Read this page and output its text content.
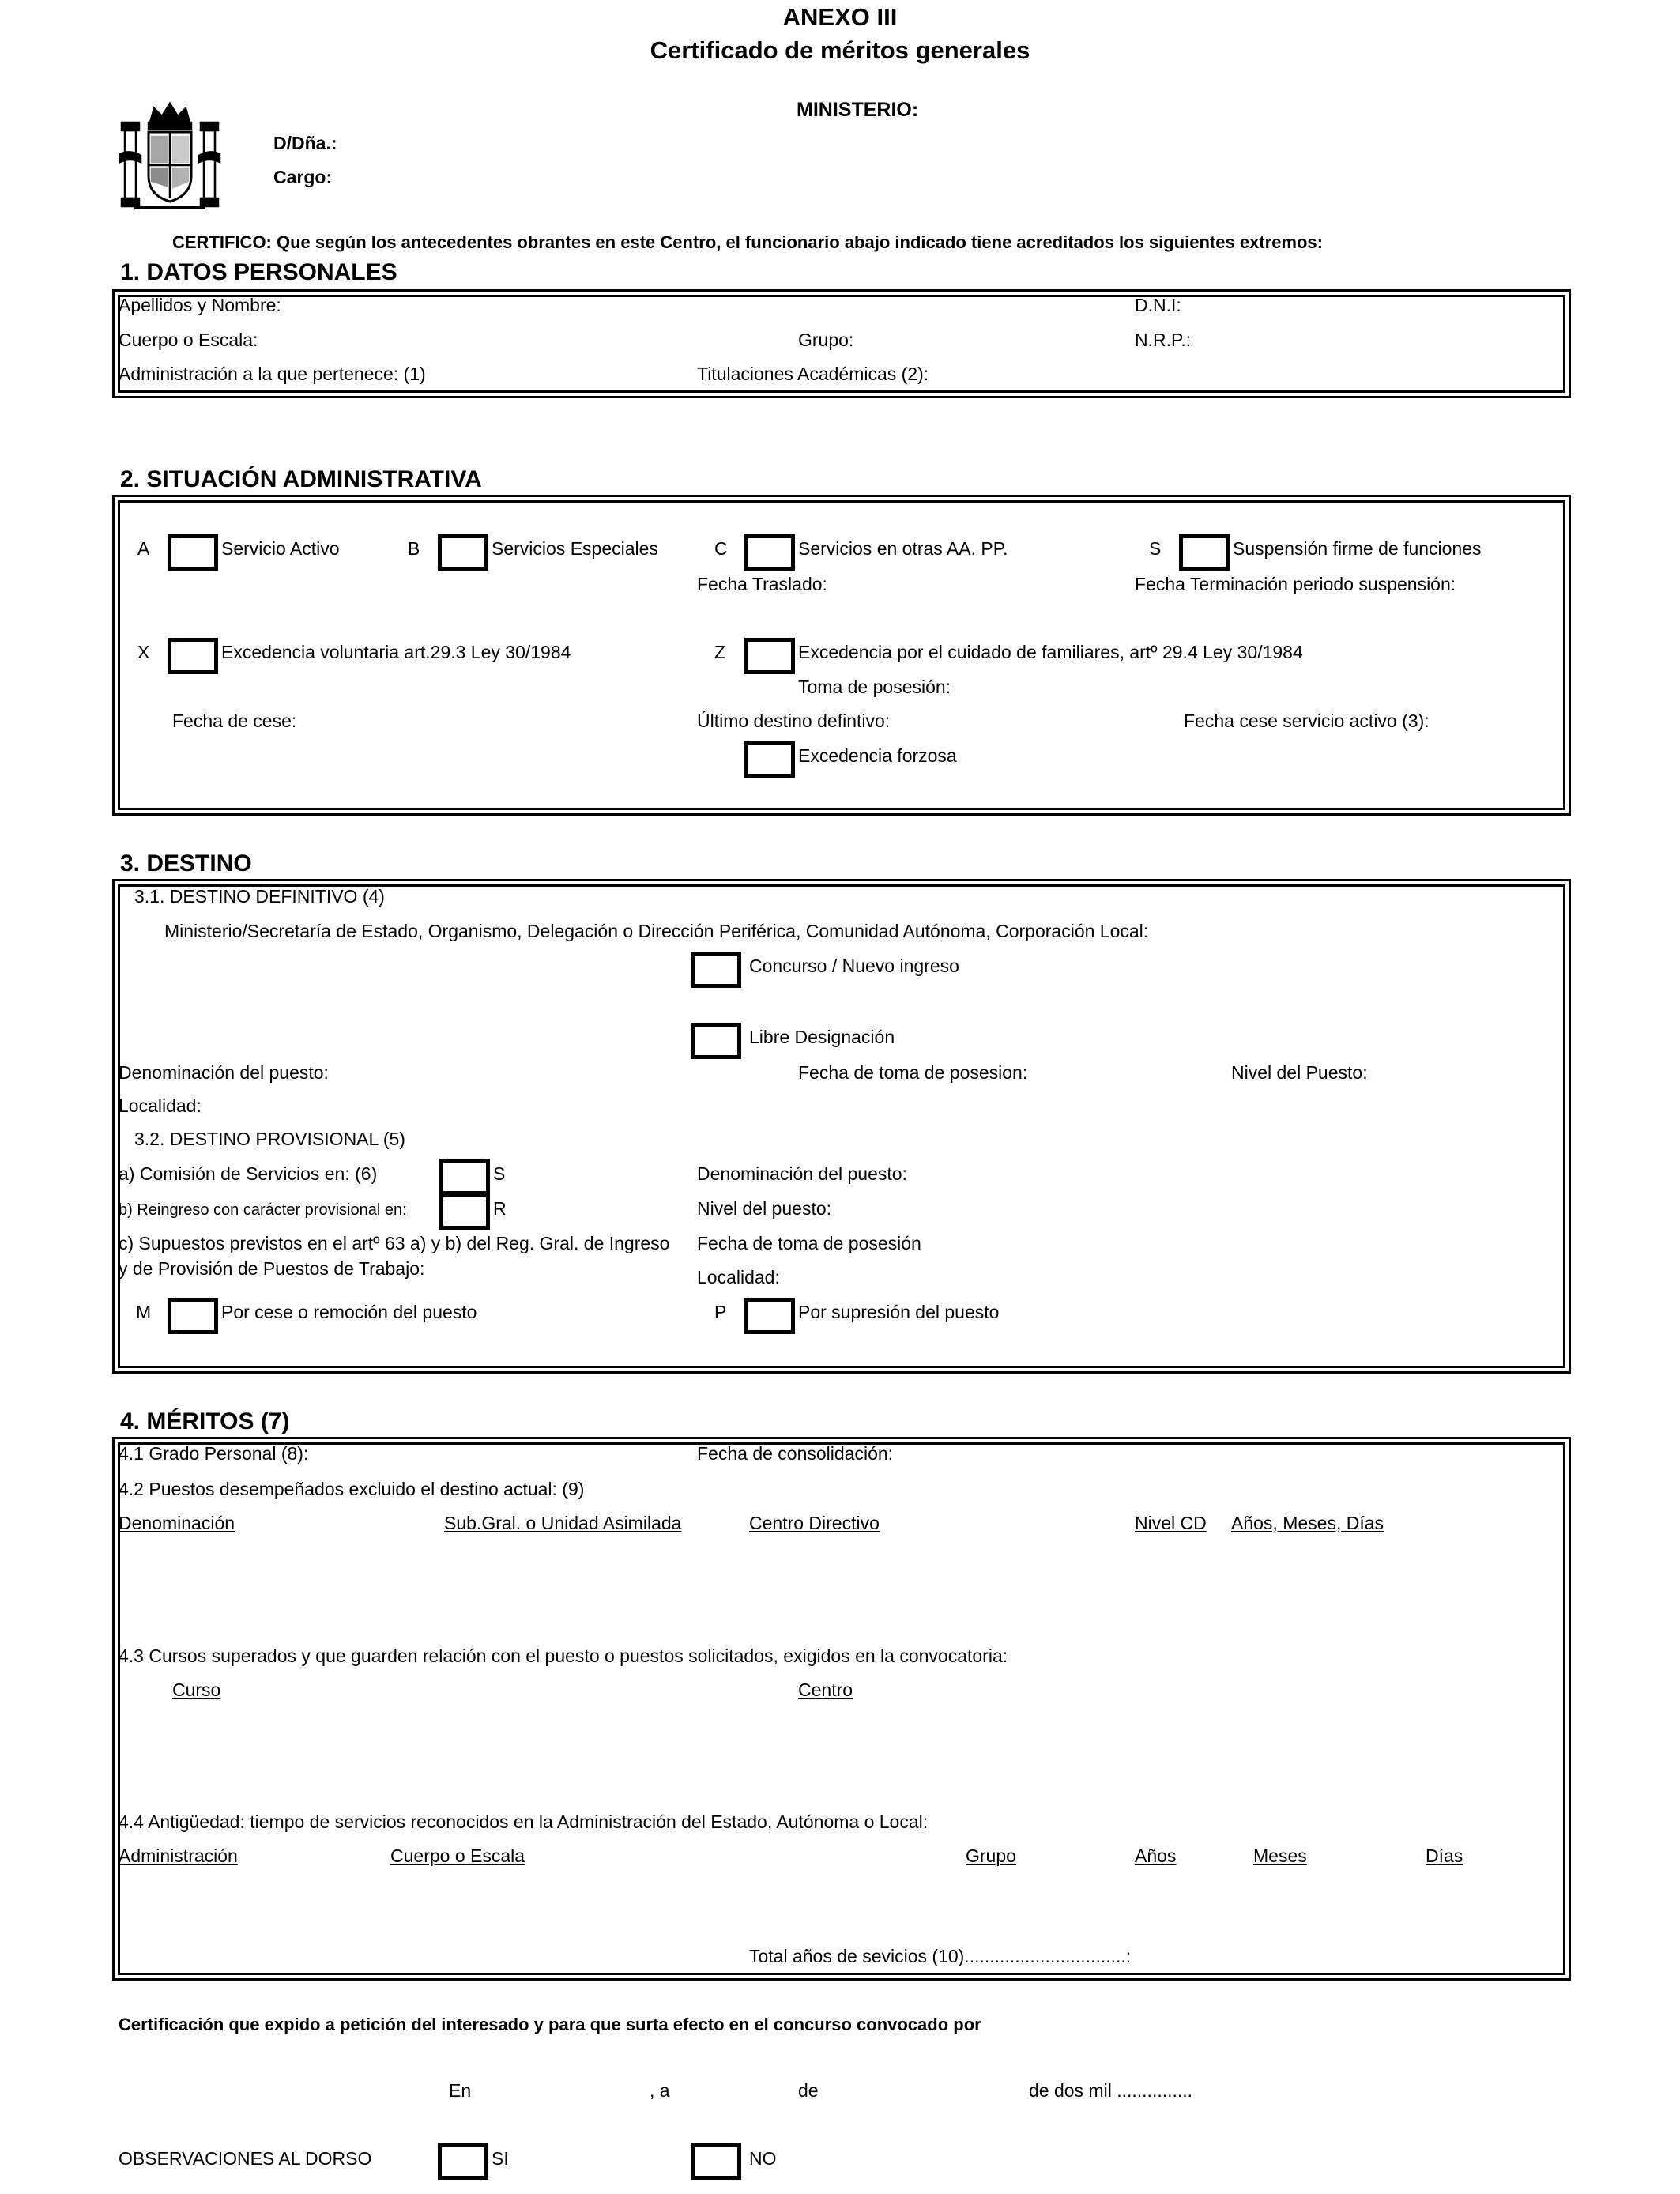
ANEXO III
Certificado de méritos generales
MINISTERIO:
D/Dña.:
Cargo:
CERTIFICO: Que según los antecedentes obrantes en este Centro, el funcionario abajo indicado tiene acreditados los siguientes extremos:
1. DATOS PERSONALES
Apellidos y Nombre:	D.N.I:
Cuerpo o Escala:	Grupo:	N.R.P.:
Administración a la que pertenece: (1)	Titulaciones Académicas (2):
2. SITUACIÓN ADMINISTRATIVA
A	Servicio Activo	B	Servicios Especiales	C	Servicios en otras AA. PP.	S	Suspensión firme de funciones
Fecha Traslado:	Fecha Terminación periodo suspensión:
X	Excedencia voluntaria art.29.3 Ley 30/1984	Z	Excedencia por el cuidado de familiares, artº 29.4 Ley 30/1984
Toma de posesión:
Fecha de cese:	Último destino defintivo:	Fecha cese servicio activo (3):
Excedencia forzosa
3. DESTINO
3.1. DESTINO DEFINITIVO (4)
Ministerio/Secretaría de Estado, Organismo, Delegación o Dirección Periférica, Comunidad Autónoma, Corporación Local:
Concurso / Nuevo ingreso
Libre Designación
Denominación del puesto:	Fecha de toma de posesion:	Nivel del Puesto:
Localidad:
3.2. DESTINO PROVISIONAL (5)
a) Comisión de Servicios en: (6)	S	Denominación del puesto:
b) Reingreso con carácter provisional en:	R	Nivel del puesto:
c) Supuestos previstos en el artº 63 a) y b) del Reg. Gral. de Ingreso
y de Provisión de Puestos de Trabajo:
Fecha de toma de posesión
Localidad:
M	Por cese o remoción del puesto	P	Por supresión del puesto
4. MÉRITOS (7)
4.1 Grado Personal (8):	Fecha de consolidación:
4.2 Puestos desempeñados excluido el destino actual: (9)
Denominación	Sub.Gral. o Unidad Asimilada	Centro Directivo	Nivel CD Años, Meses, Días
4.3 Cursos superados y que guarden relación con el puesto o puestos solicitados, exigidos en la convocatoria:
Curso	Centro
4.4 Antigüedad: tiempo de servicios reconocidos en la Administración del Estado, Autónoma o Local:
Administración	Cuerpo o Escala	Grupo	Años	Meses	Días
Total años de sevicios (10)................................:
Certificación que expido a petición del interesado y para que surta efecto en el concurso convocado por
En	, a	de	de dos mil ...............
OBSERVACIONES AL DORSO	SI	NO
